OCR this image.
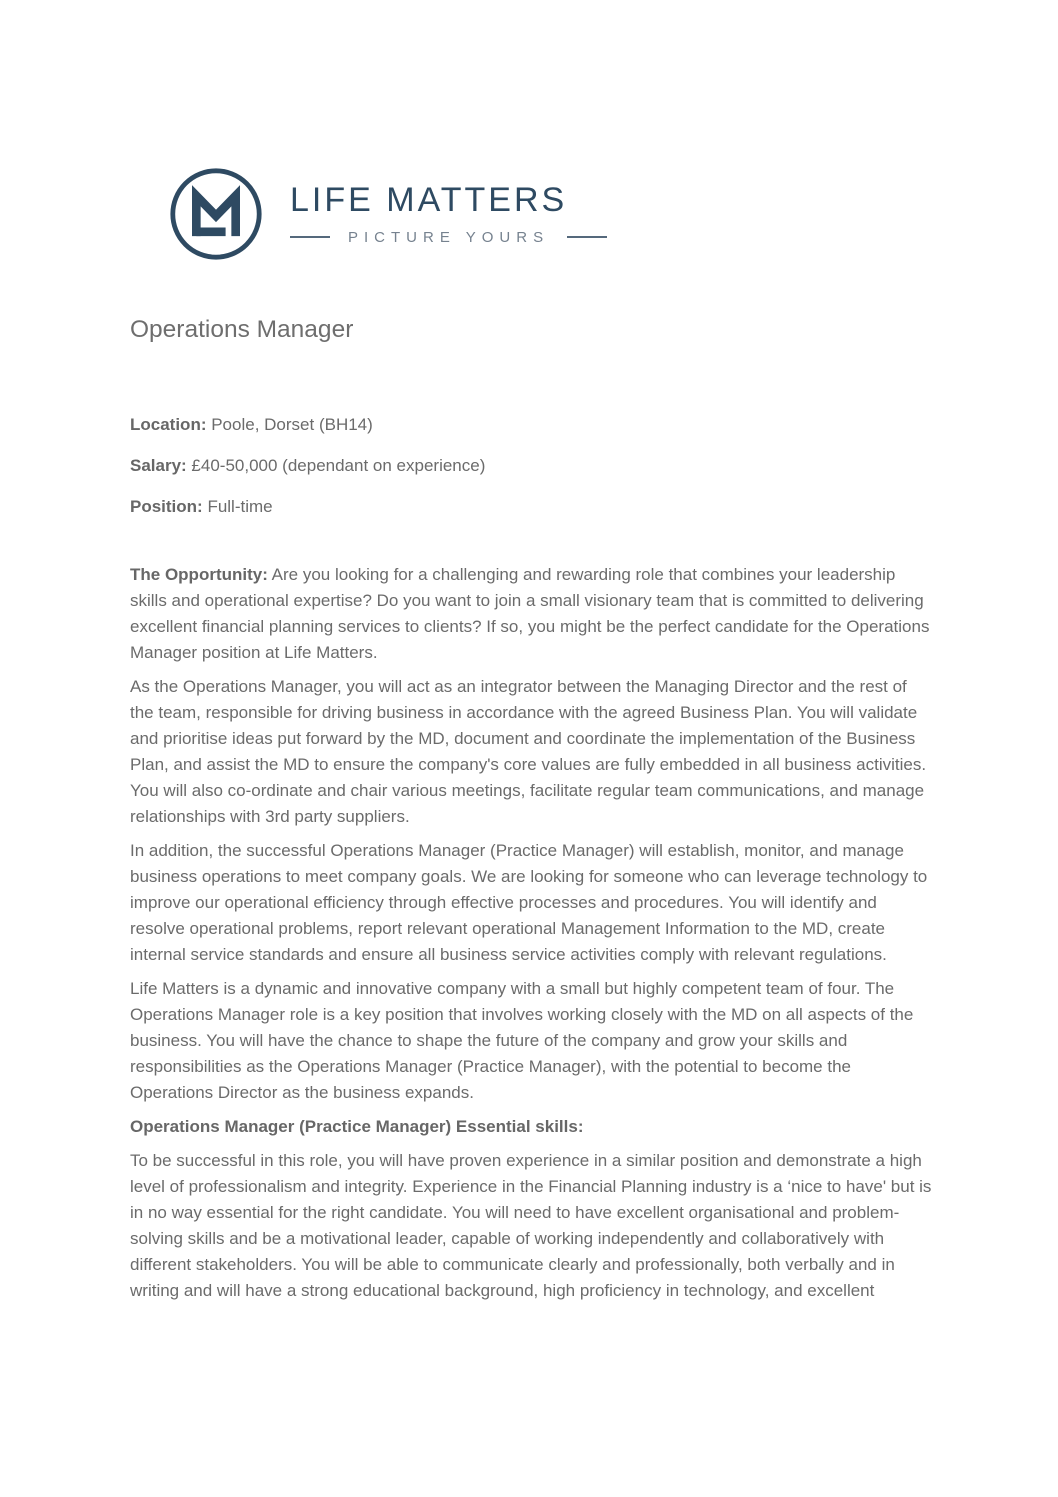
LIFE MATTERS
PICTURE YOURS
Operations Manager

Location: Poole, Dorset (BH14)

Salary: £40-50,000 (dependant on experience)

Position: Full-time

The Opportunity: Are you looking for a challenging and rewarding role that combines your leadership skills and operational expertise? Do you want to join a small visionary team that is committed to delivering excellent financial planning services to clients? If so, you might be the perfect candidate for the Operations Manager position at Life Matters.

As the Operations Manager, you will act as an integrator between the Managing Director and the rest of the team, responsible for driving business in accordance with the agreed Business Plan. You will validate and prioritise ideas put forward by the MD, document and coordinate the implementation of the Business Plan, and assist the MD to ensure the company's core values are fully embedded in all business activities. You will also co-ordinate and chair various meetings, facilitate regular team communications, and manage relationships with 3rd party suppliers.

In addition, the successful Operations Manager (Practice Manager) will establish, monitor, and manage business operations to meet company goals. We are looking for someone who can leverage technology to improve our operational efficiency through effective processes and procedures. You will identify and resolve operational problems, report relevant operational Management Information to the MD, create internal service standards and ensure all business service activities comply with relevant regulations.

Life Matters is a dynamic and innovative company with a small but highly competent team of four. The Operations Manager role is a key position that involves working closely with the MD on all aspects of the business. You will have the chance to shape the future of the company and grow your skills and responsibilities as the Operations Manager (Practice Manager), with the potential to become the Operations Director as the business expands.

Operations Manager (Practice Manager) Essential skills:

To be successful in this role, you will have proven experience in a similar position and demonstrate a high level of professionalism and integrity. Experience in the Financial Planning industry is a ‘nice to have' but is in no way essential for the right candidate. You will need to have excellent organisational and problem-solving skills and be a motivational leader, capable of working independently and collaboratively with different stakeholders. You will be able to communicate clearly and professionally, both verbally and in writing and will have a strong educational background, high proficiency in technology, and excellent
